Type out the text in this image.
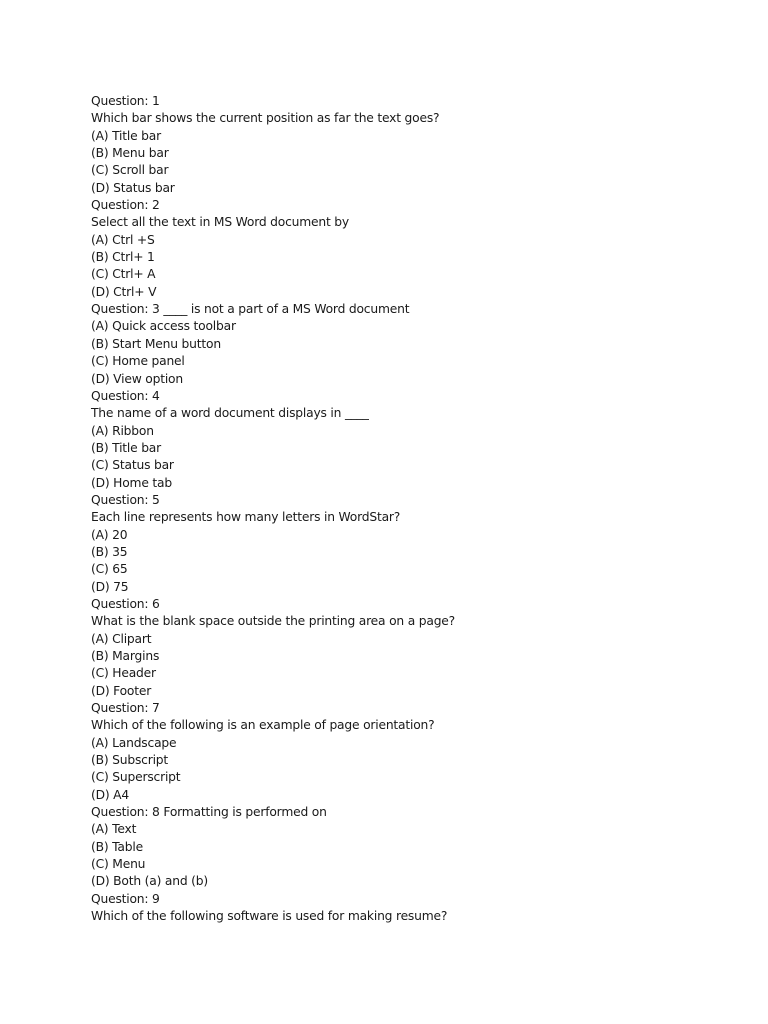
Question: 1
Which bar shows the current position as far the text goes?
(A) Title bar
(B) Menu bar
(C) Scroll bar
(D) Status bar
Question: 2
Select all the text in MS Word document by
(A) Ctrl +S
(B) Ctrl+ 1
(C) Ctrl+ A
(D) Ctrl+ V
Question: 3 ____ is not a part of a MS Word document
(A) Quick access toolbar
(B) Start Menu button
(C) Home panel
(D) View option
Question: 4
The name of a word document displays in ____
(A) Ribbon
(B) Title bar
(C) Status bar
(D) Home tab
Question: 5
Each line represents how many letters in WordStar?
(A) 20
(B) 35
(C) 65
(D) 75
Question: 6
What is the blank space outside the printing area on a page?
(A) Clipart
(B) Margins
(C) Header
(D) Footer
Question: 7
Which of the following is an example of page orientation?
(A) Landscape
(B) Subscript
(C) Superscript
(D) A4
Question: 8 Formatting is performed on
(A) Text
(B) Table
(C) Menu
(D) Both (a) and (b)
Question: 9
Which of the following software is used for making resume?
